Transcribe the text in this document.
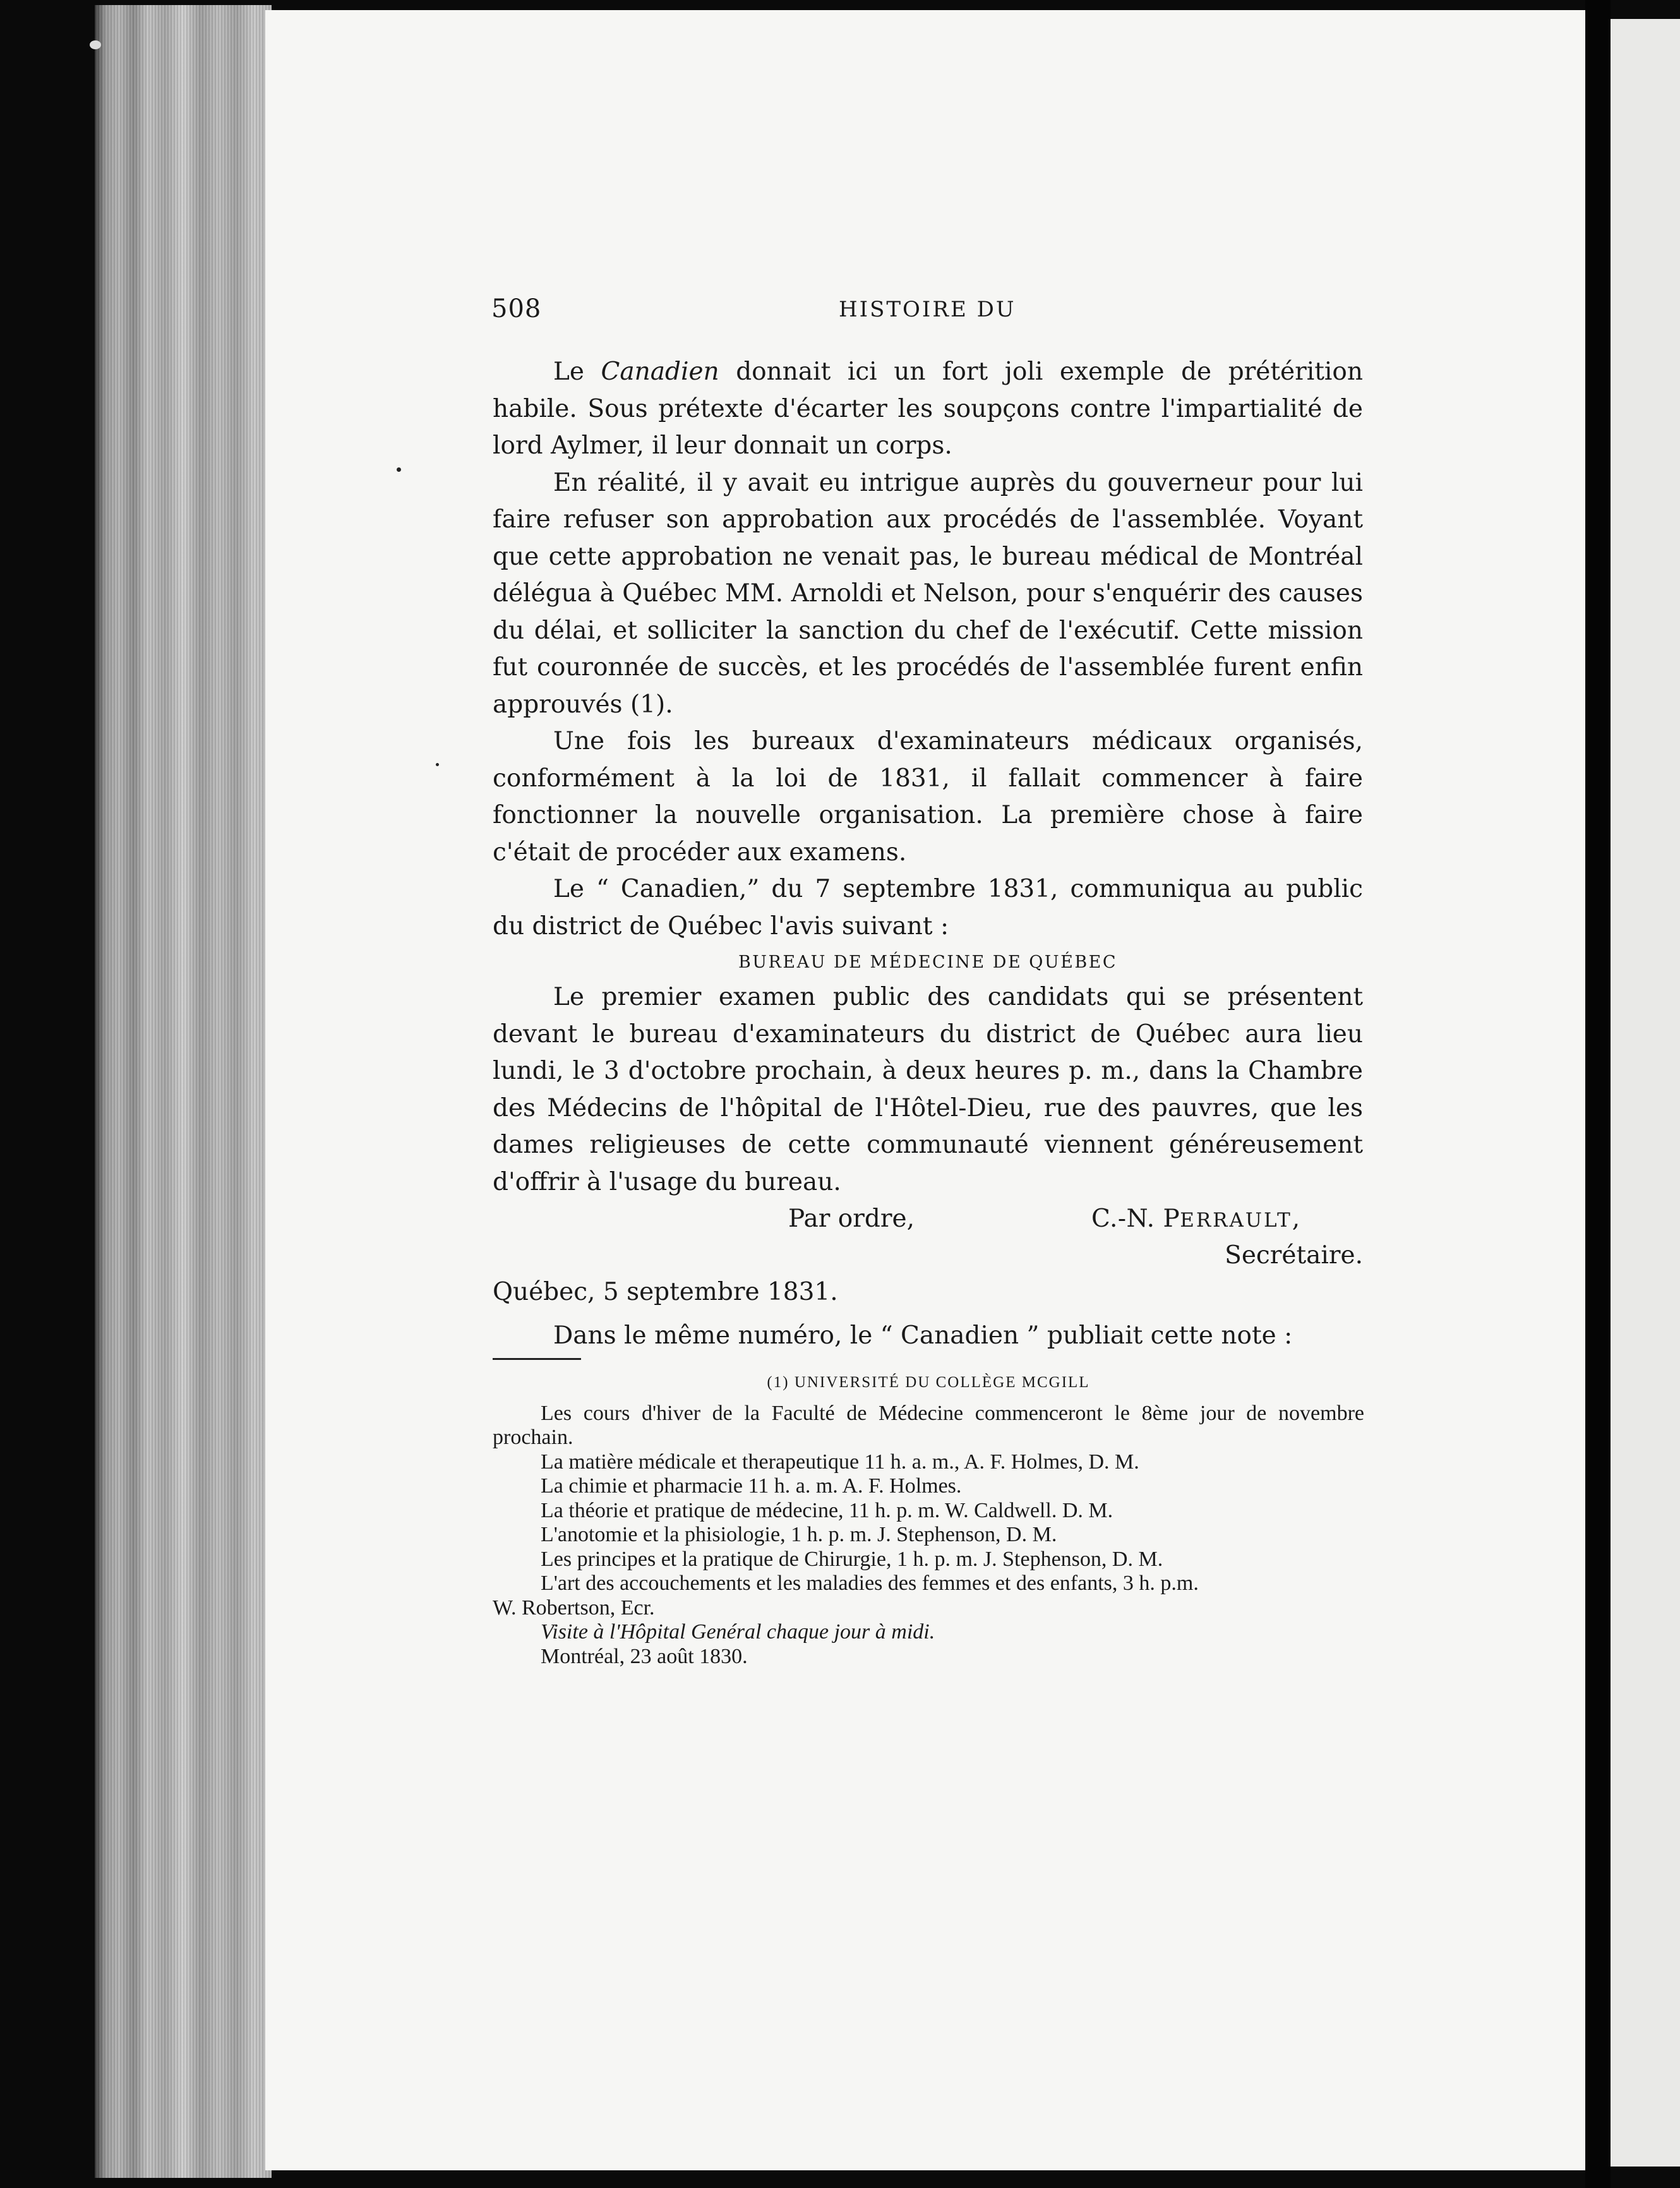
508	HISTOIRE DU

Le Canadien donnait ici un fort joli exemple de prétérition habile. Sous prétexte d'écarter les soupçons contre l'impartialité de lord Aylmer, il leur donnait un corps.

En réalité, il y avait eu intrigue auprès du gouverneur pour lui faire refuser son approbation aux procédés de l'assemblée. Voyant que cette approbation ne venait pas, le bureau médical de Montréal délégua à Québec MM. Arnoldi et Nelson, pour s'enquérir des causes du délai, et solliciter la sanction du chef de l'exécutif. Cette mission fut couronnée de succès, et les procédés de l'assemblée furent enfin approuvés (1).

Une fois les bureaux d'examinateurs médicaux organisés, conformément à la loi de 1831, il fallait commencer à faire fonctionner la nouvelle organisation. La première chose à faire c'était de procéder aux examens.

Le “ Canadien,” du 7 septembre 1831, communiqua au public du district de Québec l'avis suivant :

BUREAU DE MÉDECINE DE QUÉBEC

Le premier examen public des candidats qui se présentent devant le bureau d'examinateurs du district de Québec aura lieu lundi, le 3 d'octobre prochain, à deux heures p. m., dans la Chambre des Médecins de l'hôpital de l'Hôtel-Dieu, rue des pauvres, que les dames religieuses de cette communauté viennent généreusement d'offrir à l'usage du bureau.

Par ordre,	C.-N. PERRAULT,
Secrétaire.

Québec, 5 septembre 1831.

Dans le même numéro, le “ Canadien ” publiait cette note :

(1) UNIVERSITÉ DU COLLÈGE MCGILL
Les cours d'hiver de la Faculté de Médecine commenceront le 8ème jour de novembre prochain.
La matière médicale et therapeutique 11 h. a. m., A. F. Holmes, D. M.
La chimie et pharmacie 11 h. a. m. A. F. Holmes.
La théorie et pratique de médecine, 11 h. p. m. W. Caldwell. D. M.
L'anotomie et la phisiologie, 1 h. p. m. J. Stephenson, D. M.
Les principes et la pratique de Chirurgie, 1 h. p. m. J. Stephenson, D. M.
L'art des accouchements et les maladies des femmes et des enfants, 3 h. p.m.
W. Robertson, Ecr.
Visite à l'Hôpital Genéral chaque jour à midi.
Montréal, 23 août 1830.
